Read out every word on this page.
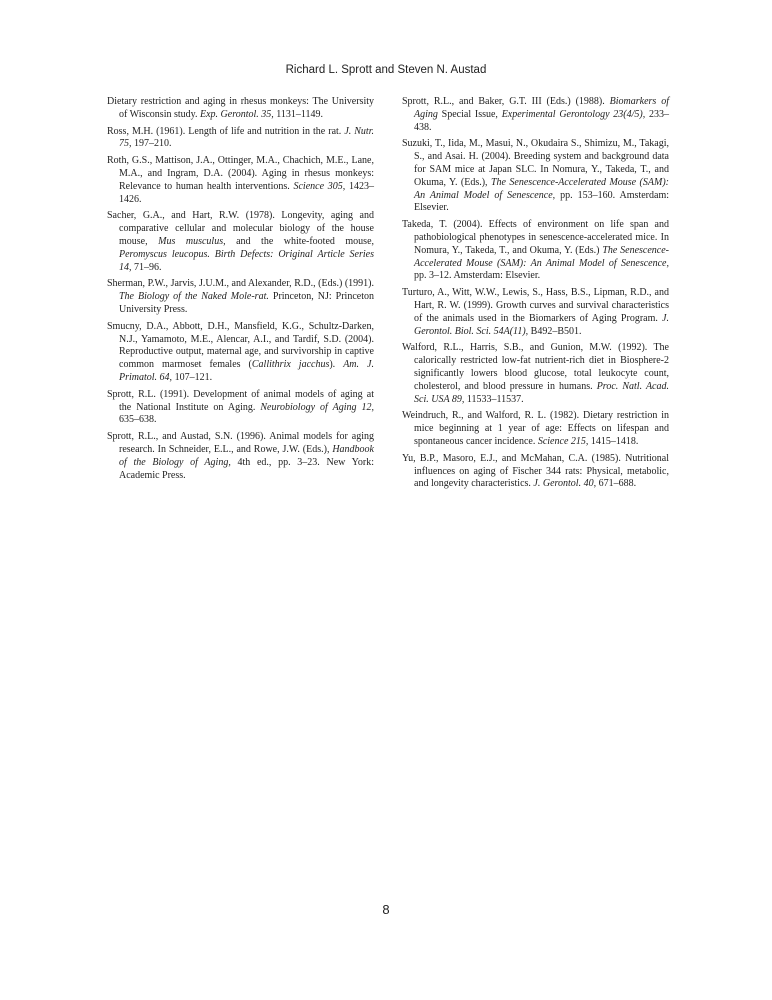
Richard L. Sprott and Steven N. Austad

Dietary restriction and aging in rhesus monkeys: The University of Wisconsin study. Exp. Gerontol. 35, 1131–1149.

Ross, M.H. (1961). Length of life and nutrition in the rat. J. Nutr. 75, 197–210.

Roth, G.S., Mattison, J.A., Ottinger, M.A., Chachich, M.E., Lane, M.A., and Ingram, D.A. (2004). Aging in rhesus monkeys: Relevance to human health interventions. Science 305, 1423–1426.

Sacher, G.A., and Hart, R.W. (1978). Longevity, aging and comparative cellular and molecular biology of the house mouse, Mus musculus, and the white-footed mouse, Peromyscus leucopus. Birth Defects: Original Article Series 14, 71–96.

Sherman, P.W., Jarvis, J.U.M., and Alexander, R.D., (Eds.) (1991). The Biology of the Naked Mole-rat. Princeton, NJ: Princeton University Press.

Smucny, D.A., Abbott, D.H., Mansfield, K.G., Schultz-Darken, N.J., Yamamoto, M.E., Alencar, A.I., and Tardif, S.D. (2004). Reproductive output, maternal age, and survivorship in captive common marmoset females (Callithrix jacchus). Am. J. Primatol. 64, 107–121.

Sprott, R.L. (1991). Development of animal models of aging at the National Institute on Aging. Neurobiology of Aging 12, 635–638.

Sprott, R.L., and Austad, S.N. (1996). Animal models for aging research. In Schneider, E.L., and Rowe, J.W. (Eds.), Handbook of the Biology of Aging, 4th ed., pp. 3–23. New York: Academic Press.

Sprott, R.L., and Baker, G.T. III (Eds.) (1988). Biomarkers of Aging Special Issue, Experimental Gerontology 23(4/5), 233–438.

Suzuki, T., Iida, M., Masui, N., Okudaira S., Shimizu, M., Takagi, S., and Asai. H. (2004). Breeding system and background data for SAM mice at Japan SLC. In Nomura, Y., Takeda, T., and Okuma, Y. (Eds.), The Senescence-Accelerated Mouse (SAM): An Animal Model of Senescence, pp. 153–160. Amsterdam: Elsevier.

Takeda, T. (2004). Effects of environment on life span and pathobiological phenotypes in senescence-accelerated mice. In Nomura, Y., Takeda, T., and Okuma, Y. (Eds.) The Senescence-Accelerated Mouse (SAM): An Animal Model of Senescence, pp. 3–12. Amsterdam: Elsevier.

Turturo, A., Witt, W.W., Lewis, S., Hass, B.S., Lipman, R.D., and Hart, R. W. (1999). Growth curves and survival characteristics of the animals used in the Biomarkers of Aging Program. J. Gerontol. Biol. Sci. 54A(11), B492–B501.

Walford, R.L., Harris, S.B., and Gunion, M.W. (1992). The calorically restricted low-fat nutrient-rich diet in Biosphere-2 significantly lowers blood glucose, total leukocyte count, cholesterol, and blood pressure in humans. Proc. Natl. Acad. Sci. USA 89, 11533–11537.

Weindruch, R., and Walford, R. L. (1982). Dietary restriction in mice beginning at 1 year of age: Effects on lifespan and spontaneous cancer incidence. Science 215, 1415–1418.

Yu, B.P., Masoro, E.J., and McMahan, C.A. (1985). Nutritional influences on aging of Fischer 344 rats: Physical, metabolic, and longevity characteristics. J. Gerontol. 40, 671–688.

8
